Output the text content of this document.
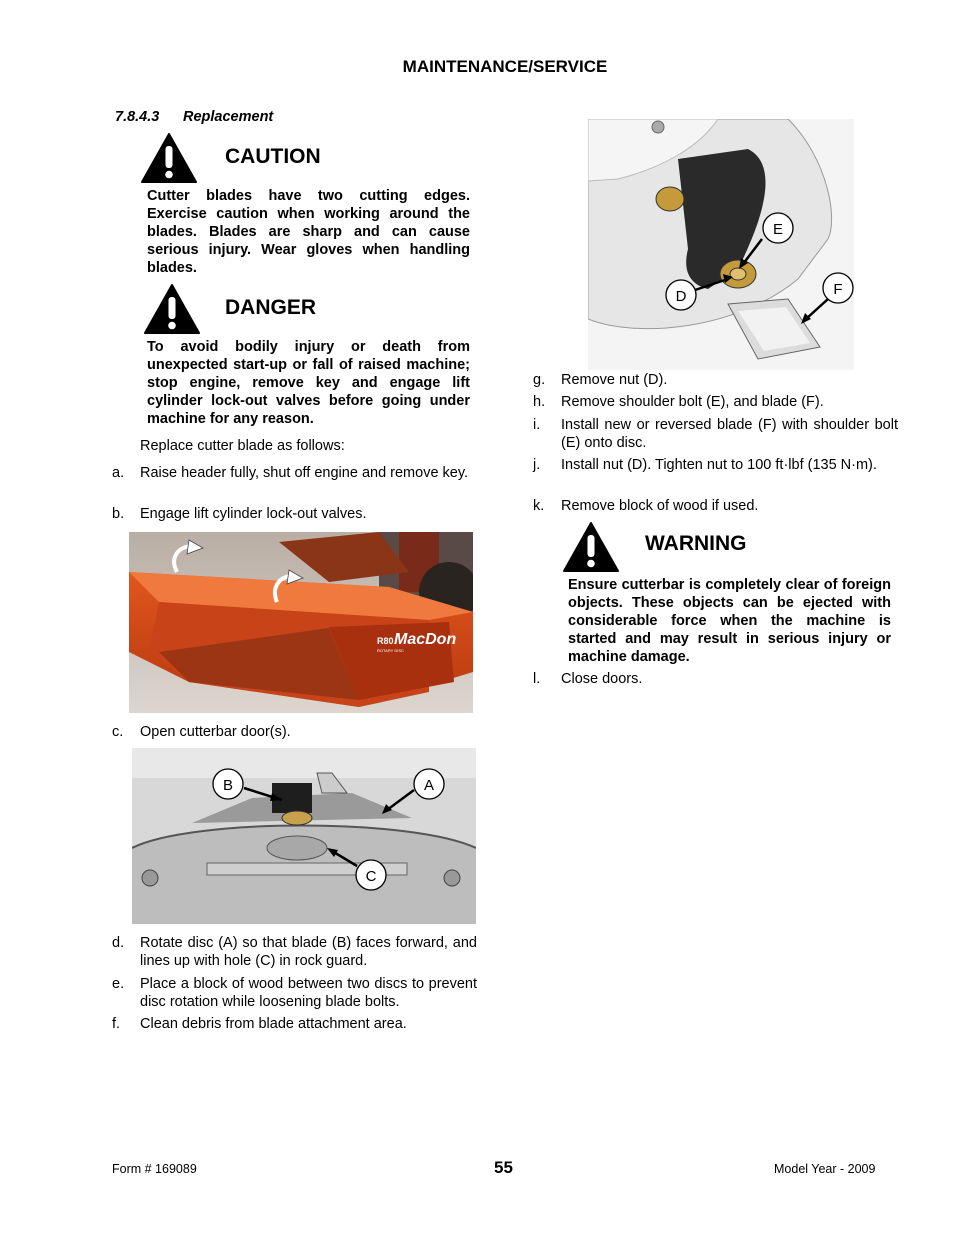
MAINTENANCE/SERVICE
7.8.4.3 Replacement
CAUTION
Cutter blades have two cutting edges. Exercise caution when working around the blades. Blades are sharp and can cause serious injury. Wear gloves when handling blades.
DANGER
To avoid bodily injury or death from unexpected start-up or fall of raised machine; stop engine, remove key and engage lift cylinder lock-out valves before going under machine for any reason.
Replace cutter blade as follows:
a. Raise header fully, shut off engine and remove key.
b. Engage lift cylinder lock-out valves.
R80
ROTARY DISC
MacDon
c. Open cutterbar door(s).
B	A
C
d. Rotate disc (A) so that blade (B) faces forward, and lines up with hole (C) in rock guard.
e. Place a block of wood between two discs to prevent disc rotation while loosening blade bolts.
f. Clean debris from blade attachment area.
E
D	F
g. Remove nut (D).
h. Remove shoulder bolt (E), and blade (F).
i. Install new or reversed blade (F) with shoulder bolt (E) onto disc.
j. Install nut (D). Tighten nut to 100 ft·lbf (135 N·m).
k. Remove block of wood if used.
WARNING
Ensure cutterbar is completely clear of foreign objects. These objects can be ejected with considerable force when the machine is started and may result in serious injury or machine damage.
l. Close doors.
Form # 169089	55	Model Year - 2009
